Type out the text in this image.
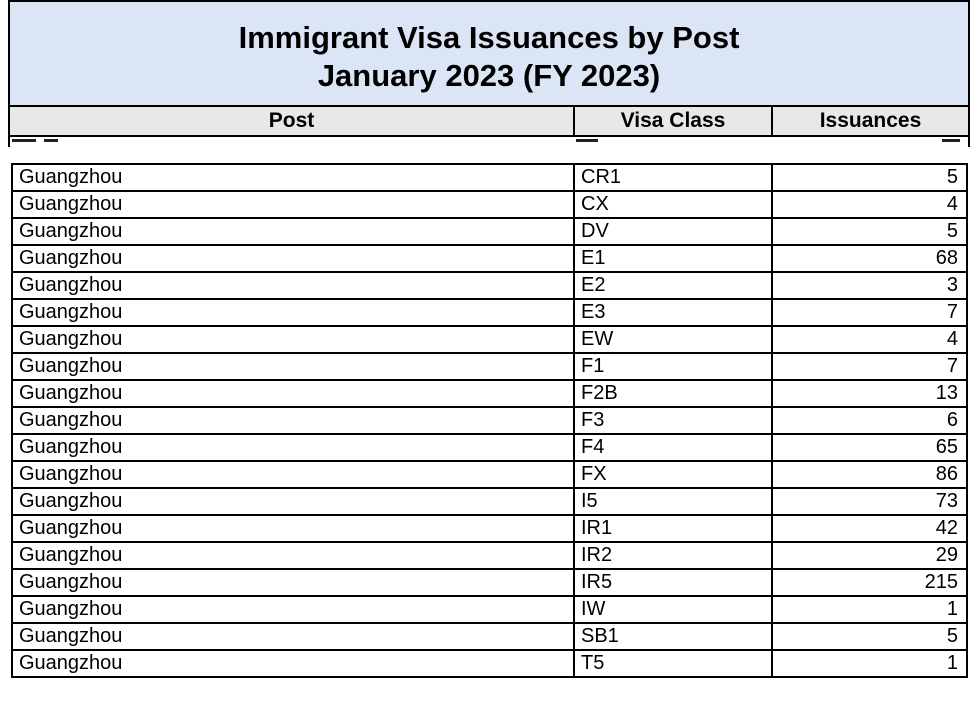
Immigrant Visa Issuances by Post
January 2023 (FY 2023)
Post	Visa Class	Issuances
Guangzhou	CR1	5
Guangzhou	CX	4
Guangzhou	DV	5
Guangzhou	E1	68
Guangzhou	E2	3
Guangzhou	E3	7
Guangzhou	EW	4
Guangzhou	F1	7
Guangzhou	F2B	13
Guangzhou	F3	6
Guangzhou	F4	65
Guangzhou	FX	86
Guangzhou	I5	73
Guangzhou	IR1	42
Guangzhou	IR2	29
Guangzhou	IR5	215
Guangzhou	IW	1
Guangzhou	SB1	5
Guangzhou	T5	1
